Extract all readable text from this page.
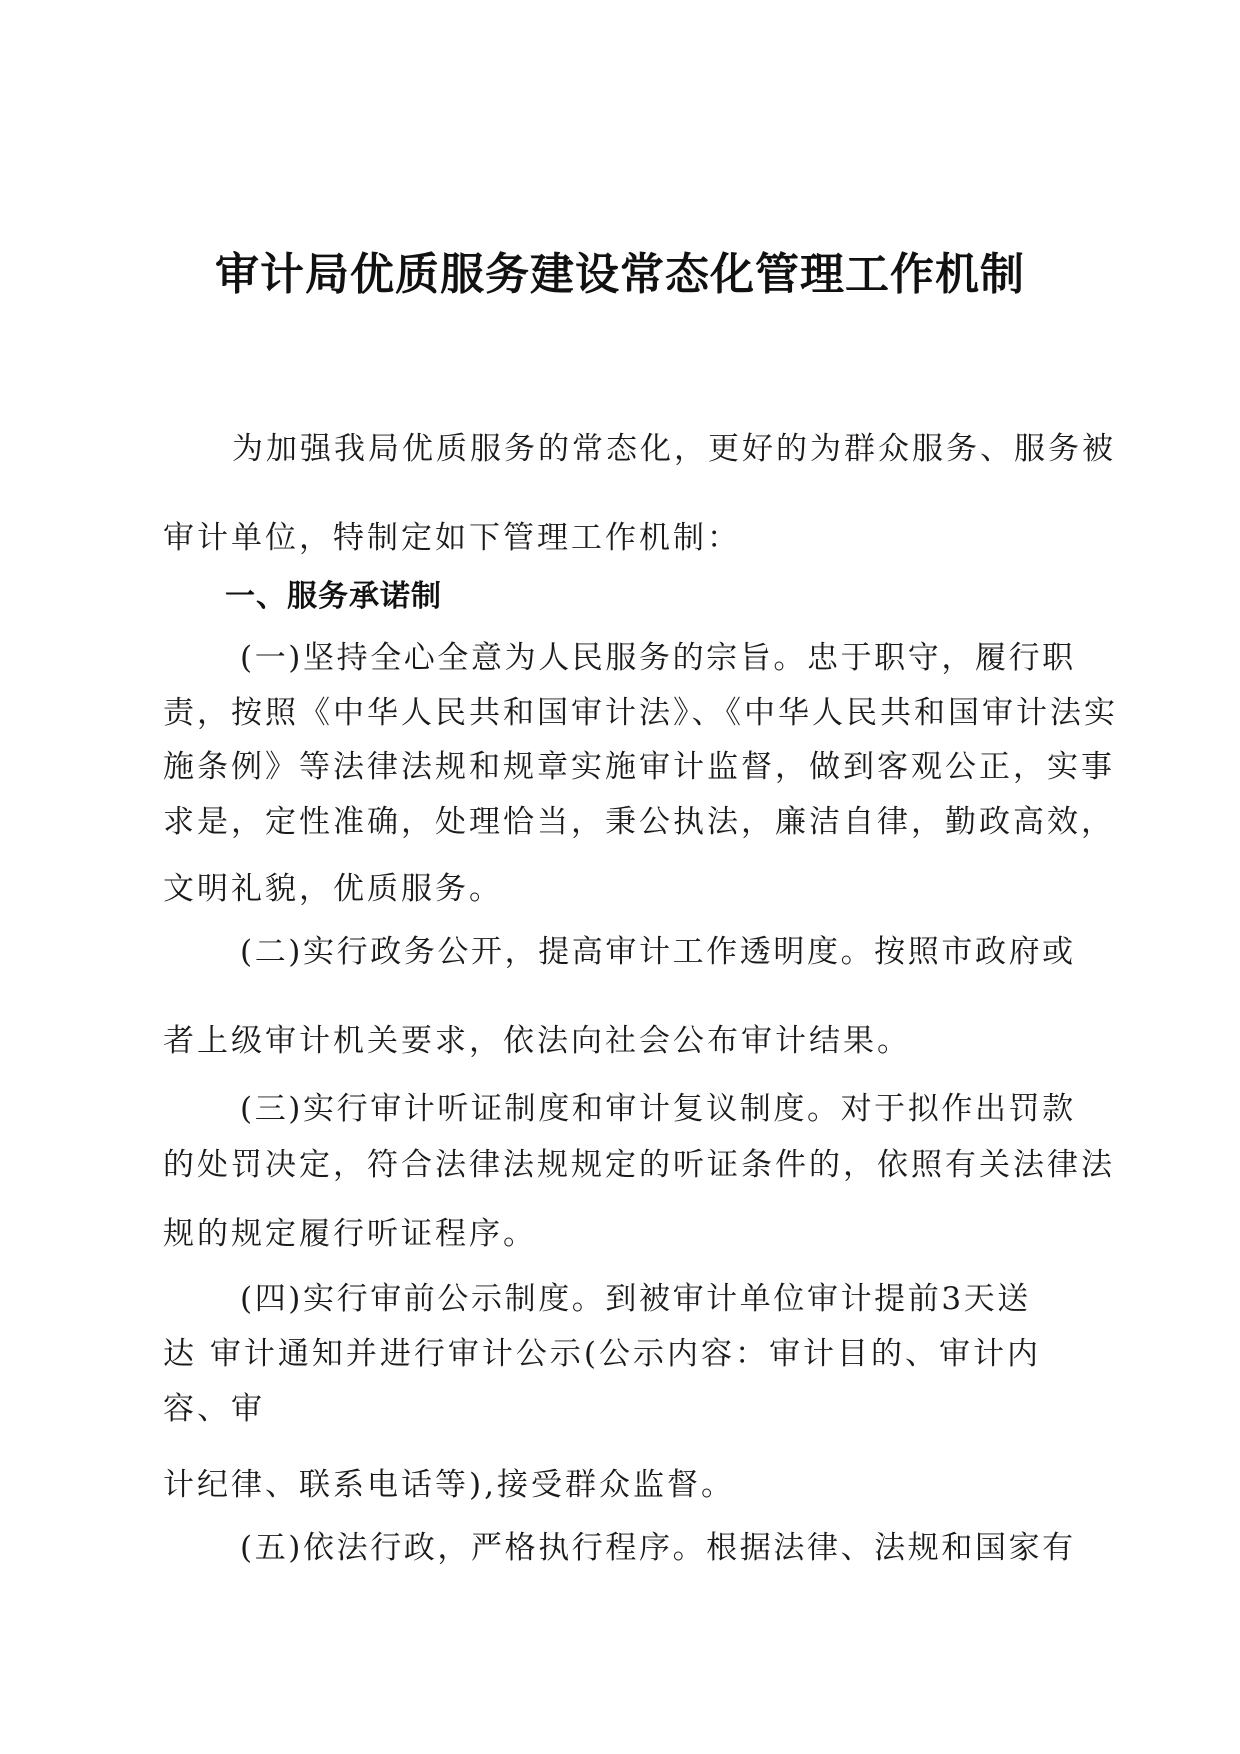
审计局优质服务建设常态化管理工作机制
为加强我局优质服务的常态化，更好的为群众服务、服务被
审计单位，特制定如下管理工作机制：
一、服务承诺制
(一)坚持全心全意为人民服务的宗旨。忠于职守，履行职
责，按照《中华人民共和国审计法》、《中华人民共和国审计法实
施条例》等法律法规和规章实施审计监督，做到客观公正，实事
求是，定性准确，处理恰当，秉公执法，廉洁自律，勤政高效，
文明礼貌，优质服务。
(二)实行政务公开，提高审计工作透明度。按照市政府或
者上级审计机关要求，依法向社会公布审计结果。
(三)实行审计听证制度和审计复议制度。对于拟作出罚款
的处罚决定，符合法律法规规定的听证条件的，依照有关法律法
规的规定履行听证程序。
(四)实行审前公示制度。到被审计单位审计提前3天送
达 审计通知并进行审计公示(公示内容：审计目的、审计内
容、审
计纪律、联系电话等),接受群众监督。
(五)依法行政，严格执行程序。根据法律、法规和国家有
